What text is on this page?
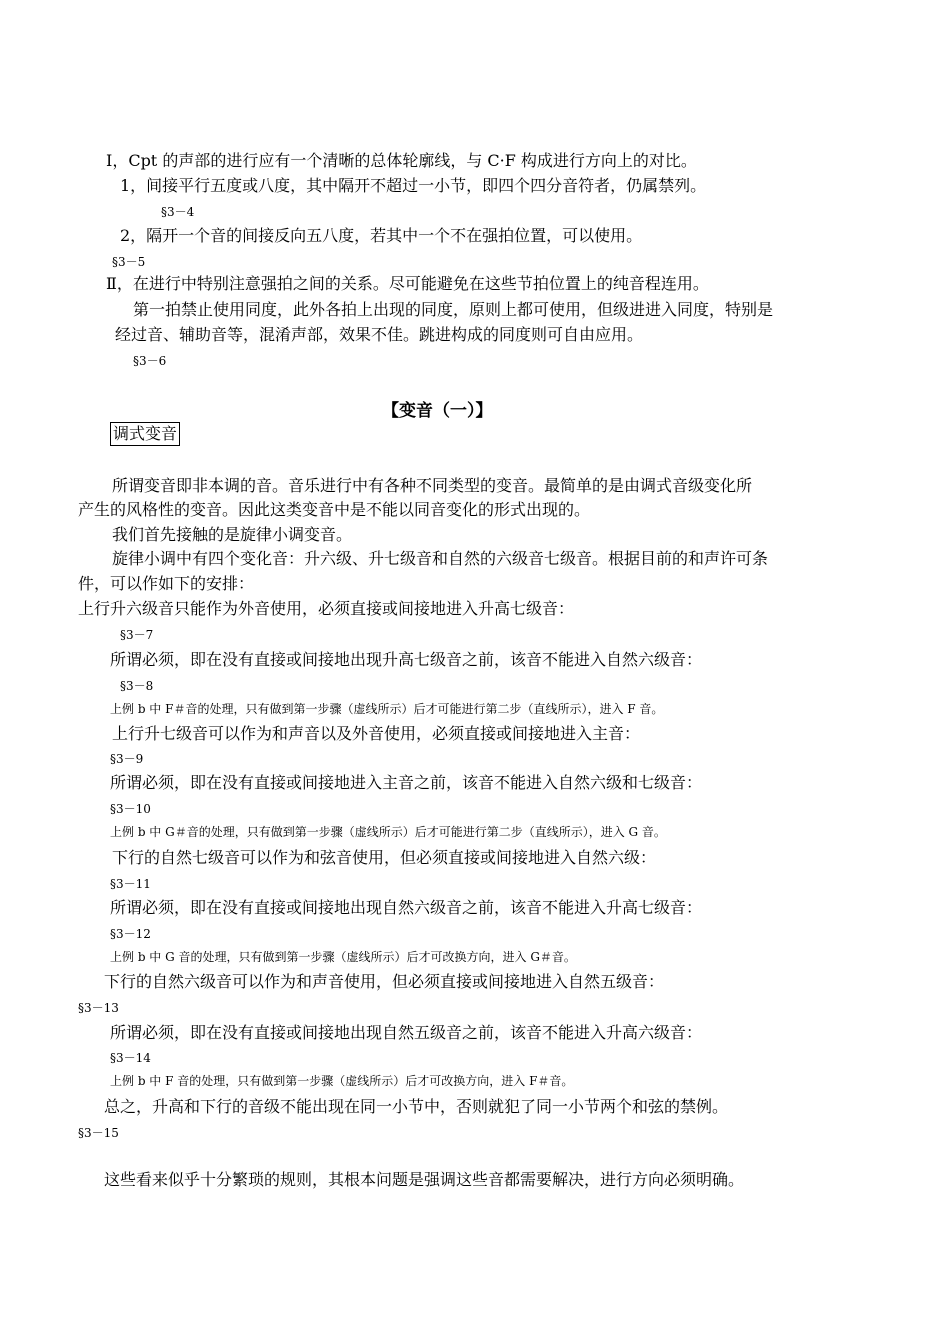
Ⅰ，Cpt 的声部的进行应有一个清晰的总体轮廓线，与 C·F 构成进行方向上的对比。
1，间接平行五度或八度，其中隔开不超过一小节，即四个四分音符者，仍属禁列。
§3－4
2，隔开一个音的间接反向五八度，若其中一个不在强拍位置，可以使用。
§3－5
Ⅱ，在进行中特别注意强拍之间的关系。尽可能避免在这些节拍位置上的纯音程连用。
第一拍禁止使用同度，此外各拍上出现的同度，原则上都可使用，但级进进入同度，特别是
经过音、辅助音等，混淆声部，效果不佳。跳进构成的同度则可自由应用。
§3－6
【变音（一）】
调式变音
所谓变音即非本调的音。音乐进行中有各种不同类型的变音。最简单的是由调式音级变化所
产生的风格性的变音。因此这类变音中是不能以同音变化的形式出现的。
我们首先接触的是旋律小调变音。
旋律小调中有四个变化音：升六级、升七级音和自然的六级音七级音。根据目前的和声许可条
件，可以作如下的安排：
上行升六级音只能作为外音使用，必须直接或间接地进入升高七级音：
§3－7
所谓必须，即在没有直接或间接地出现升高七级音之前，该音不能进入自然六级音：
§3－8
上例 b 中 F＃音的处理，只有做到第一步骤（虚线所示）后才可能进行第二步（直线所示），进入 F 音。
上行升七级音可以作为和声音以及外音使用，必须直接或间接地进入主音：
§3－9
所谓必须，即在没有直接或间接地进入主音之前，该音不能进入自然六级和七级音：
§3－10
上例 b 中 G＃音的处理，只有做到第一步骤（虚线所示）后才可能进行第二步（直线所示），进入 G 音。
下行的自然七级音可以作为和弦音使用，但必须直接或间接地进入自然六级：
§3－11
所谓必须，即在没有直接或间接地出现自然六级音之前，该音不能进入升高七级音：
§3－12
上例 b 中 G 音的处理，只有做到第一步骤（虚线所示）后才可改换方向，进入 G＃音。
下行的自然六级音可以作为和声音使用，但必须直接或间接地进入自然五级音：
§3－13
所谓必须，即在没有直接或间接地出现自然五级音之前，该音不能进入升高六级音：
§3－14
上例 b 中 F 音的处理，只有做到第一步骤（虚线所示）后才可改换方向，进入 F＃音。
总之，升高和下行的音级不能出现在同一小节中，否则就犯了同一小节两个和弦的禁例。
§3－15
这些看来似乎十分繁琐的规则，其根本问题是强调这些音都需要解决，进行方向必须明确。
